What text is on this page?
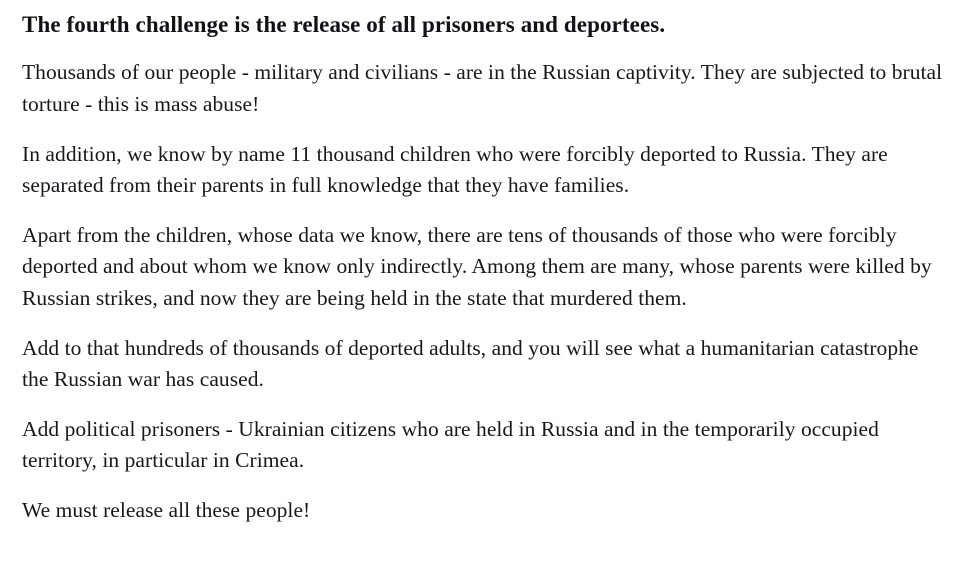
The fourth challenge is the release of all prisoners and deportees.

Thousands of our people - military and civilians - are in the Russian captivity. They are subjected to brutal torture - this is mass abuse!

In addition, we know by name 11 thousand children who were forcibly deported to Russia. They are separated from their parents in full knowledge that they have families.

Apart from the children, whose data we know, there are tens of thousands of those who were forcibly deported and about whom we know only indirectly. Among them are many, whose parents were killed by Russian strikes, and now they are being held in the state that murdered them.

Add to that hundreds of thousands of deported adults, and you will see what a humanitarian catastrophe the Russian war has caused.

Add political prisoners - Ukrainian citizens who are held in Russia and in the temporarily occupied territory, in particular in Crimea.

We must release all these people!
